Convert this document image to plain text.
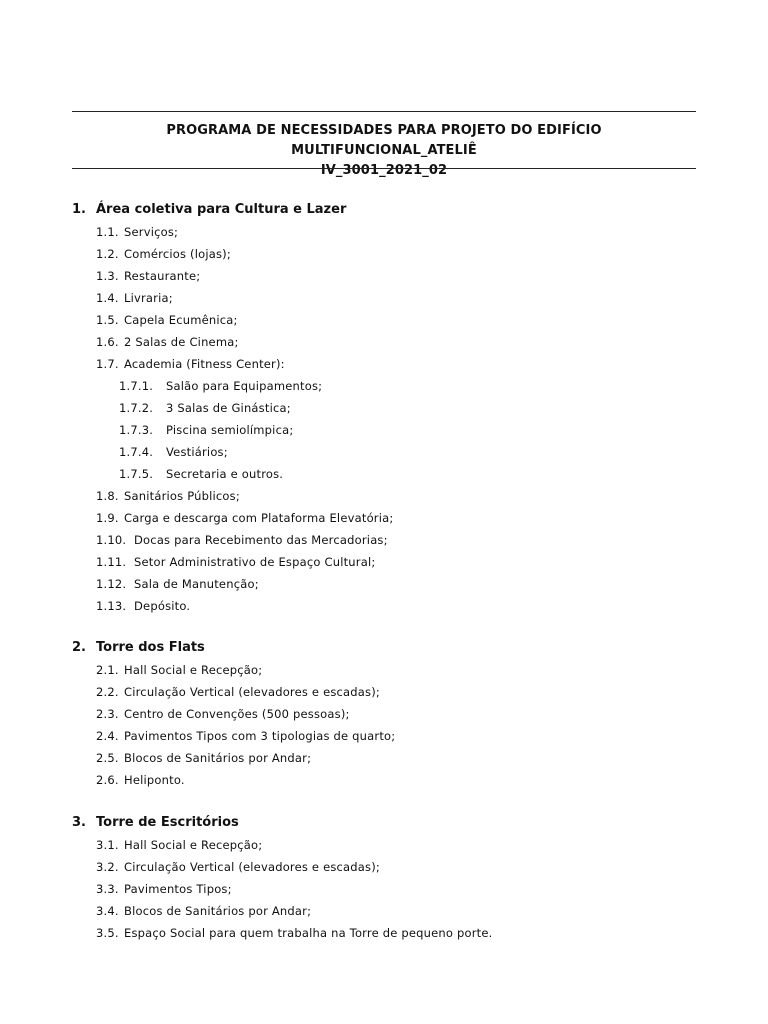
PROGRAMA DE NECESSIDADES PARA PROJETO DO EDIFÍCIO MULTIFUNCIONAL_ATELIÊ
IV_3001_2021_02
1. Área coletiva para Cultura e Lazer
1.1. Serviços;
1.2. Comércios (lojas);
1.3. Restaurante;
1.4. Livraria;
1.5. Capela Ecumênica;
1.6. 2 Salas de Cinema;
1.7. Academia (Fitness Center):
1.7.1. Salão para Equipamentos;
1.7.2. 3 Salas de Ginástica;
1.7.3. Piscina semiolímpica;
1.7.4. Vestiários;
1.7.5. Secretaria e outros.
1.8. Sanitários Públicos;
1.9. Carga e descarga com Plataforma Elevatória;
1.10. Docas para Recebimento das Mercadorias;
1.11. Setor Administrativo de Espaço Cultural;
1.12. Sala de Manutenção;
1.13. Depósito.
2. Torre dos Flats
2.1. Hall Social e Recepção;
2.2. Circulação Vertical (elevadores e escadas);
2.3. Centro de Convenções (500 pessoas);
2.4. Pavimentos Tipos com 3 tipologias de quarto;
2.5. Blocos de Sanitários por Andar;
2.6. Heliponto.
3. Torre de Escritórios
3.1. Hall Social e Recepção;
3.2. Circulação Vertical (elevadores e escadas);
3.3. Pavimentos Tipos;
3.4. Blocos de Sanitários por Andar;
3.5. Espaço Social para quem trabalha na Torre de pequeno porte.
